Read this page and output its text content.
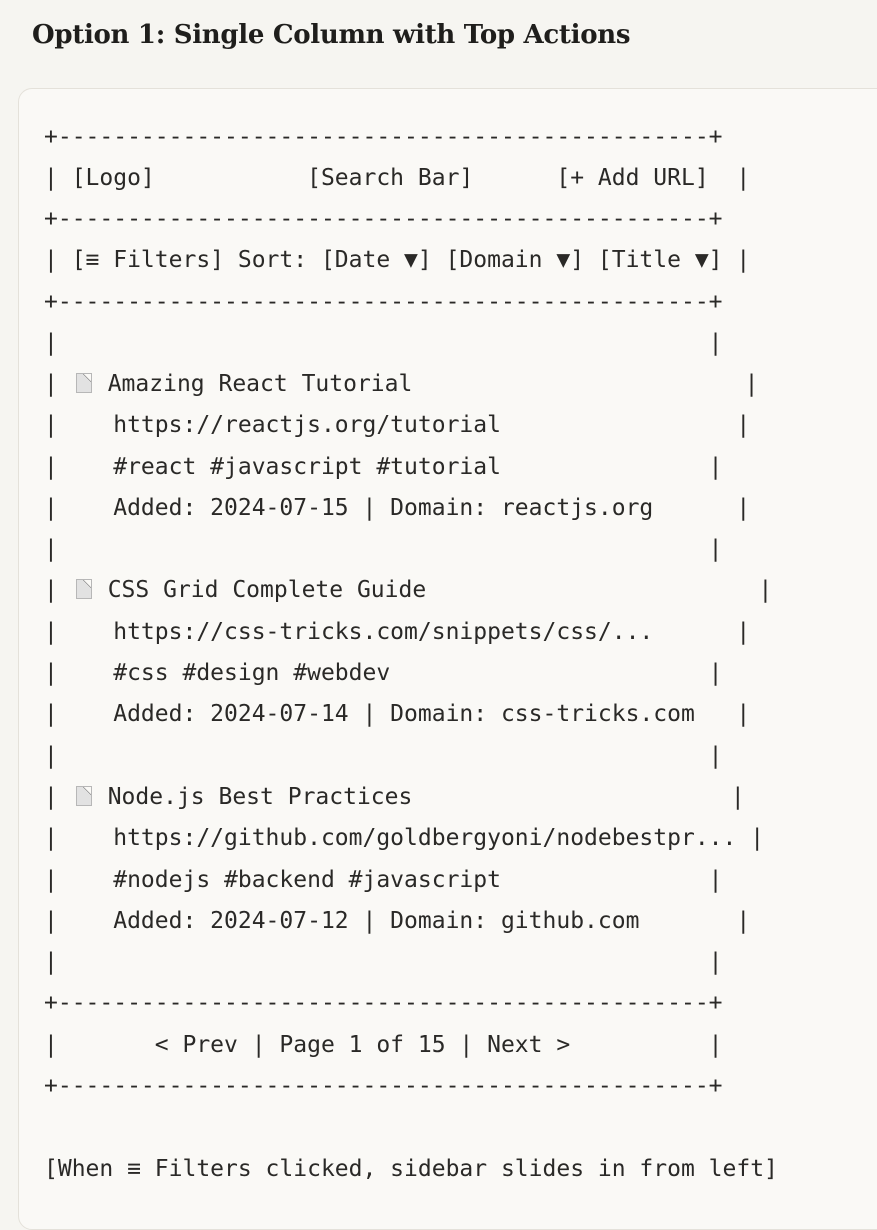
Option 1: Single Column with Top Actions

+-----------------------------------------------+

| [Logo]           [Search Bar]      [+ Add URL]  |

+-----------------------------------------------+

| [≡ Filters] Sort: [Date ▼] [Domain ▼] [Title ▼] |

+-----------------------------------------------+

|                                               |

| Amazing React Tutorial                        |

|    https://reactjs.org/tutorial                 |

|    #react #javascript #tutorial               |

|    Added: 2024-07-15 | Domain: reactjs.org      |

|                                               |

| CSS Grid Complete Guide                        |

|    https://css-tricks.com/snippets/css/...      |

|    #css #design #webdev                       |

|    Added: 2024-07-14 | Domain: css-tricks.com   |

|                                               |

| Node.js Best Practices                       |

|    https://github.com/goldbergyoni/nodebestpr... |

|    #nodejs #backend #javascript               |

|    Added: 2024-07-12 | Domain: github.com       |

|                                               |

+-----------------------------------------------+

|       < Prev | Page 1 of 15 | Next >          |

+-----------------------------------------------+

[When ≡ Filters clicked, sidebar slides in from left]
